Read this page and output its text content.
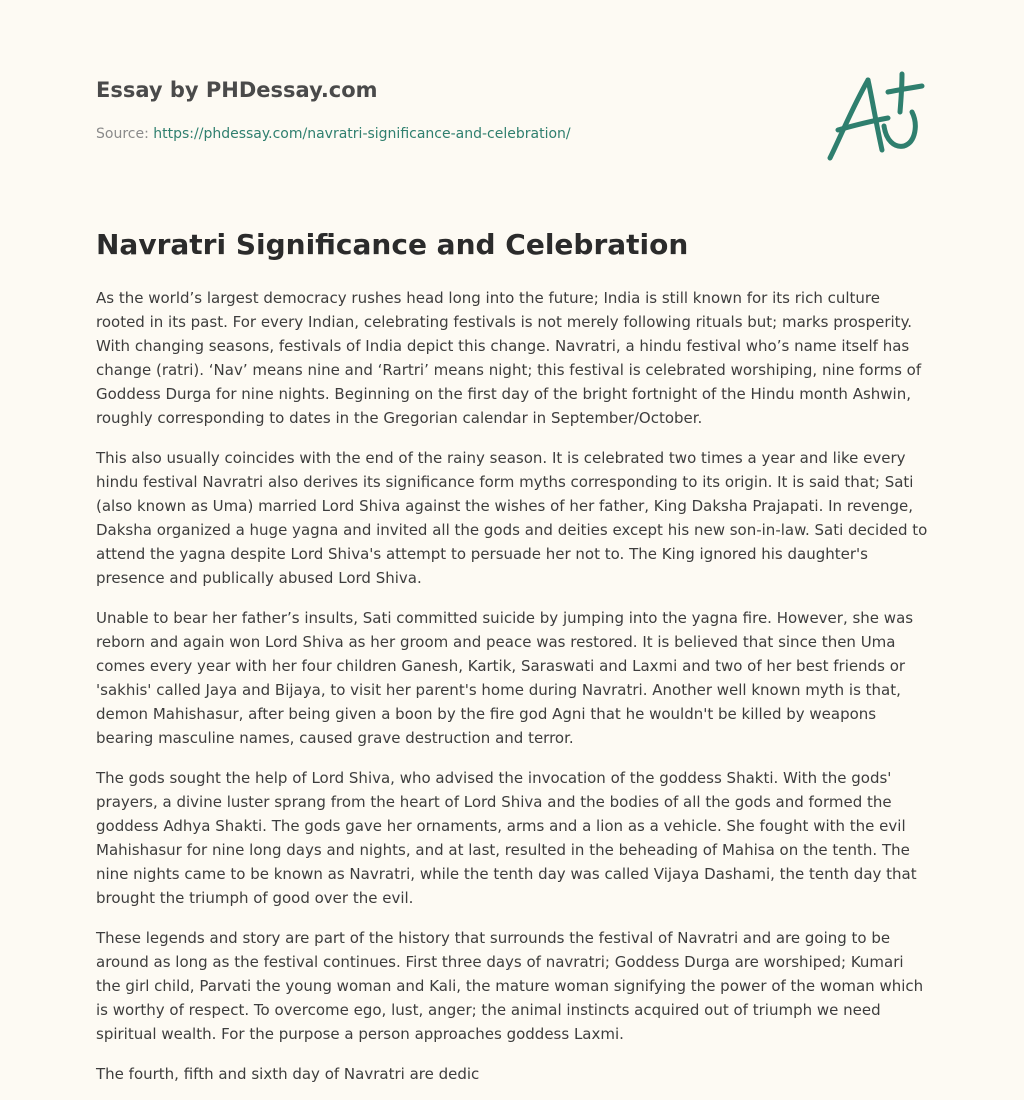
Essay by PHDessay.com
Source: https://phdessay.com/navratri-significance-and-celebration/
Navratri Significance and Celebration

As the world’s largest democracy rushes head long into the future; India is still known for its rich culture rooted in its past. For every Indian, celebrating festivals is not merely following rituals but; marks prosperity. With changing seasons, festivals of India depict this change. Navratri, a hindu festival who’s name itself has change (ratri). ‘Nav’ means nine and ‘Rartri’ means night; this festival is celebrated worshiping, nine forms of Goddess Durga for nine nights. Beginning on the first day of the bright fortnight of the Hindu month Ashwin, roughly corresponding to dates in the Gregorian calendar in September/October.

This also usually coincides with the end of the rainy season. It is celebrated two times a year and like every hindu festival Navratri also derives its significance form myths corresponding to its origin. It is said that; Sati (also known as Uma) married Lord Shiva against the wishes of her father, King Daksha Prajapati. In revenge, Daksha organized a huge yagna and invited all the gods and deities except his new son-in-law. Sati decided to attend the yagna despite Lord Shiva's attempt to persuade her not to. The King ignored his daughter's presence and publically abused Lord Shiva.

Unable to bear her father’s insults, Sati committed suicide by jumping into the yagna fire. However, she was reborn and again won Lord Shiva as her groom and peace was restored. It is believed that since then Uma comes every year with her four children Ganesh, Kartik, Saraswati and Laxmi and two of her best friends or 'sakhis' called Jaya and Bijaya, to visit her parent's home during Navratri. Another well known myth is that, demon Mahishasur, after being given a boon by the fire god Agni that he wouldn't be killed by weapons bearing masculine names, caused grave destruction and terror.

The gods sought the help of Lord Shiva, who advised the invocation of the goddess Shakti. With the gods' prayers, a divine luster sprang from the heart of Lord Shiva and the bodies of all the gods and formed the goddess Adhya Shakti. The gods gave her ornaments, arms and a lion as a vehicle. She fought with the evil Mahishasur for nine long days and nights, and at last, resulted in the beheading of Mahisa on the tenth. The nine nights came to be known as Navratri, while the tenth day was called Vijaya Dashami, the tenth day that brought the triumph of good over the evil.

These legends and story are part of the history that surrounds the festival of Navratri and are going to be around as long as the festival continues. First three days of navratri; Goddess Durga are worshiped; Kumari the girl child, Parvati the young woman and Kali, the mature woman signifying the power of the woman which is worthy of respect. To overcome ego, lust, anger; the animal instincts acquired out of triumph we need spiritual wealth. For the purpose a person approaches goddess Laxmi.

The fourth, fifth and sixth day of Navratri are dedic
